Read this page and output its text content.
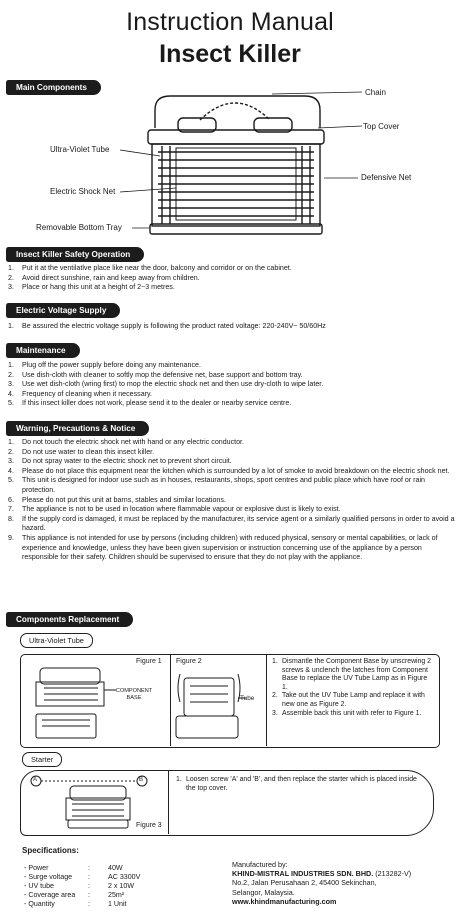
Instruction Manual
Insect Killer
Main Components
Chain
Top Cover
Ultra-Violet Tube
Defensive Net
Electric Shock Net
Removable Bottom Tray
Insect Killer Safety Operation
1. Put it at the ventilatlve place like near the door, balcony and corridor or on the cabinet.
2. Avoid direct sunshine, rain and keep away from children.
3. Place or hang this unit at a height of 2~3 metres.
Electric Voltage Supply
1. Be assured the electric voltage supply is following the product rated voltage: 220-240V~ 50/60Hz
Maintenance
1. Plug off the power supply before doing any maintenance.
2. Use dish-cloth with cleaner to softly mop the defensive net, base support and bottom tray.
3. Use wet dish-cloth (wring first) to mop the electric shock net and then use dry-cloth to wipe later.
4. Frequency of cleaning when it necessary.
5. If this insect killer does not work, please send it to the dealer or nearby service centre.
Warning, Precautions & Notice
1. Do not touch the electric shock net with hand or any electric conductor.
2. Do not use water to clean this insect killer.
3. Do not spray water to the electric shock net to prevent short circuit.
4. Please do not place this equipment near the kitchen which is surrounded by a lot of smoke to avoid breakdown on the electric shock net.
5. This unit is designed for indoor use such as in houses, restaurants, shops, sport centres and public place which have roof or rain protection.
6. Please do not put this unit at barns, stables and similar locations.
7. The appliance is not to be used in location where flammable vapour or explosive dust is likely to exist.
8. If the supply cord is damaged, it must be replaced by the manufacturer, its service agent or a similarly qualified persons in order to avoid a hazard.
9. This appliance is not intended for use by persons (including children) with reduced physical, sensory or mental capabilities, or lack of experience and knowledge, unless they have been given supervision or instruction concerning use of the appliance by a person responsible for their safety. Children should be supervised to ensure that they do not play with the appliance.
Components Replacement
Ultra-Violet Tube
Figure 1 Figure 2
COMPONENT BASE	Tube
1. Dismantle the Component Base by unscrewing 2 screws & unclench the latches from Component Base to replace the UV Tube Lamp as in Figure 1.
2. Take out the UV Tube Lamp and replace it with new one as Figure 2.
3. Assemble back this unit with refer to Figure 1.
Starter
A	B
Figure 3
1. Loosen screw 'A' and 'B', and then replace the starter which is placed inside the top cover.
Specifications:
- Power	:	40W
- Surge voltage	:	AC 3300V
- UV tube	:	2 x 10W
- Coverage area	:	25m²
- Quantity	:	1 Unit
Manufactured by:
KHIND-MISTRAL INDUSTRIES SDN. BHD. (213282-V)
No.2, Jalan Perusahaan 2, 45400 Sekinchan,
Selangor, Malaysia.
www.khindmanufacturing.com
